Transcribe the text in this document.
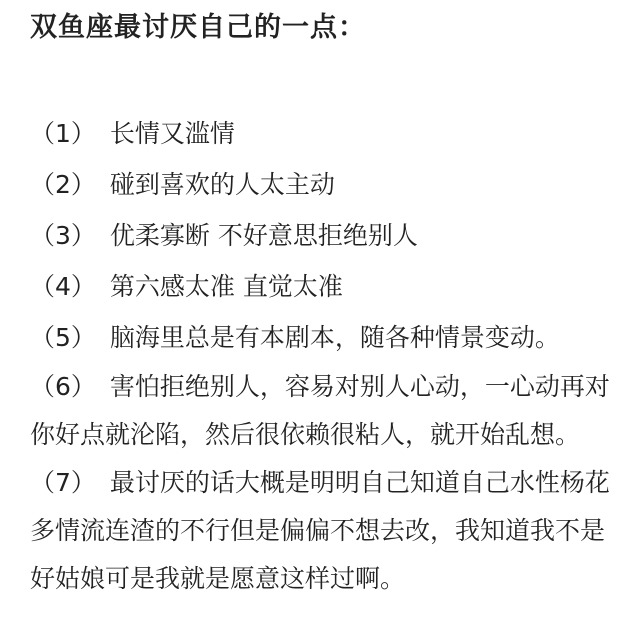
双鱼座最讨厌自己的一点：

（1） 长情又滥情

（2） 碰到喜欢的人太主动

（3） 优柔寡断 不好意思拒绝别人

（4） 第六感太准 直觉太准

（5） 脑海里总是有本剧本，随各种情景变动。

（6） 害怕拒绝别人，容易对别人心动，一心动再对你好点就沦陷，然后很依赖很粘人，就开始乱想。

（7） 最讨厌的话大概是明明自己知道自己水性杨花多情流连渣的不行但是偏偏不想去改，我知道我不是好姑娘可是我就是愿意这样过啊。
